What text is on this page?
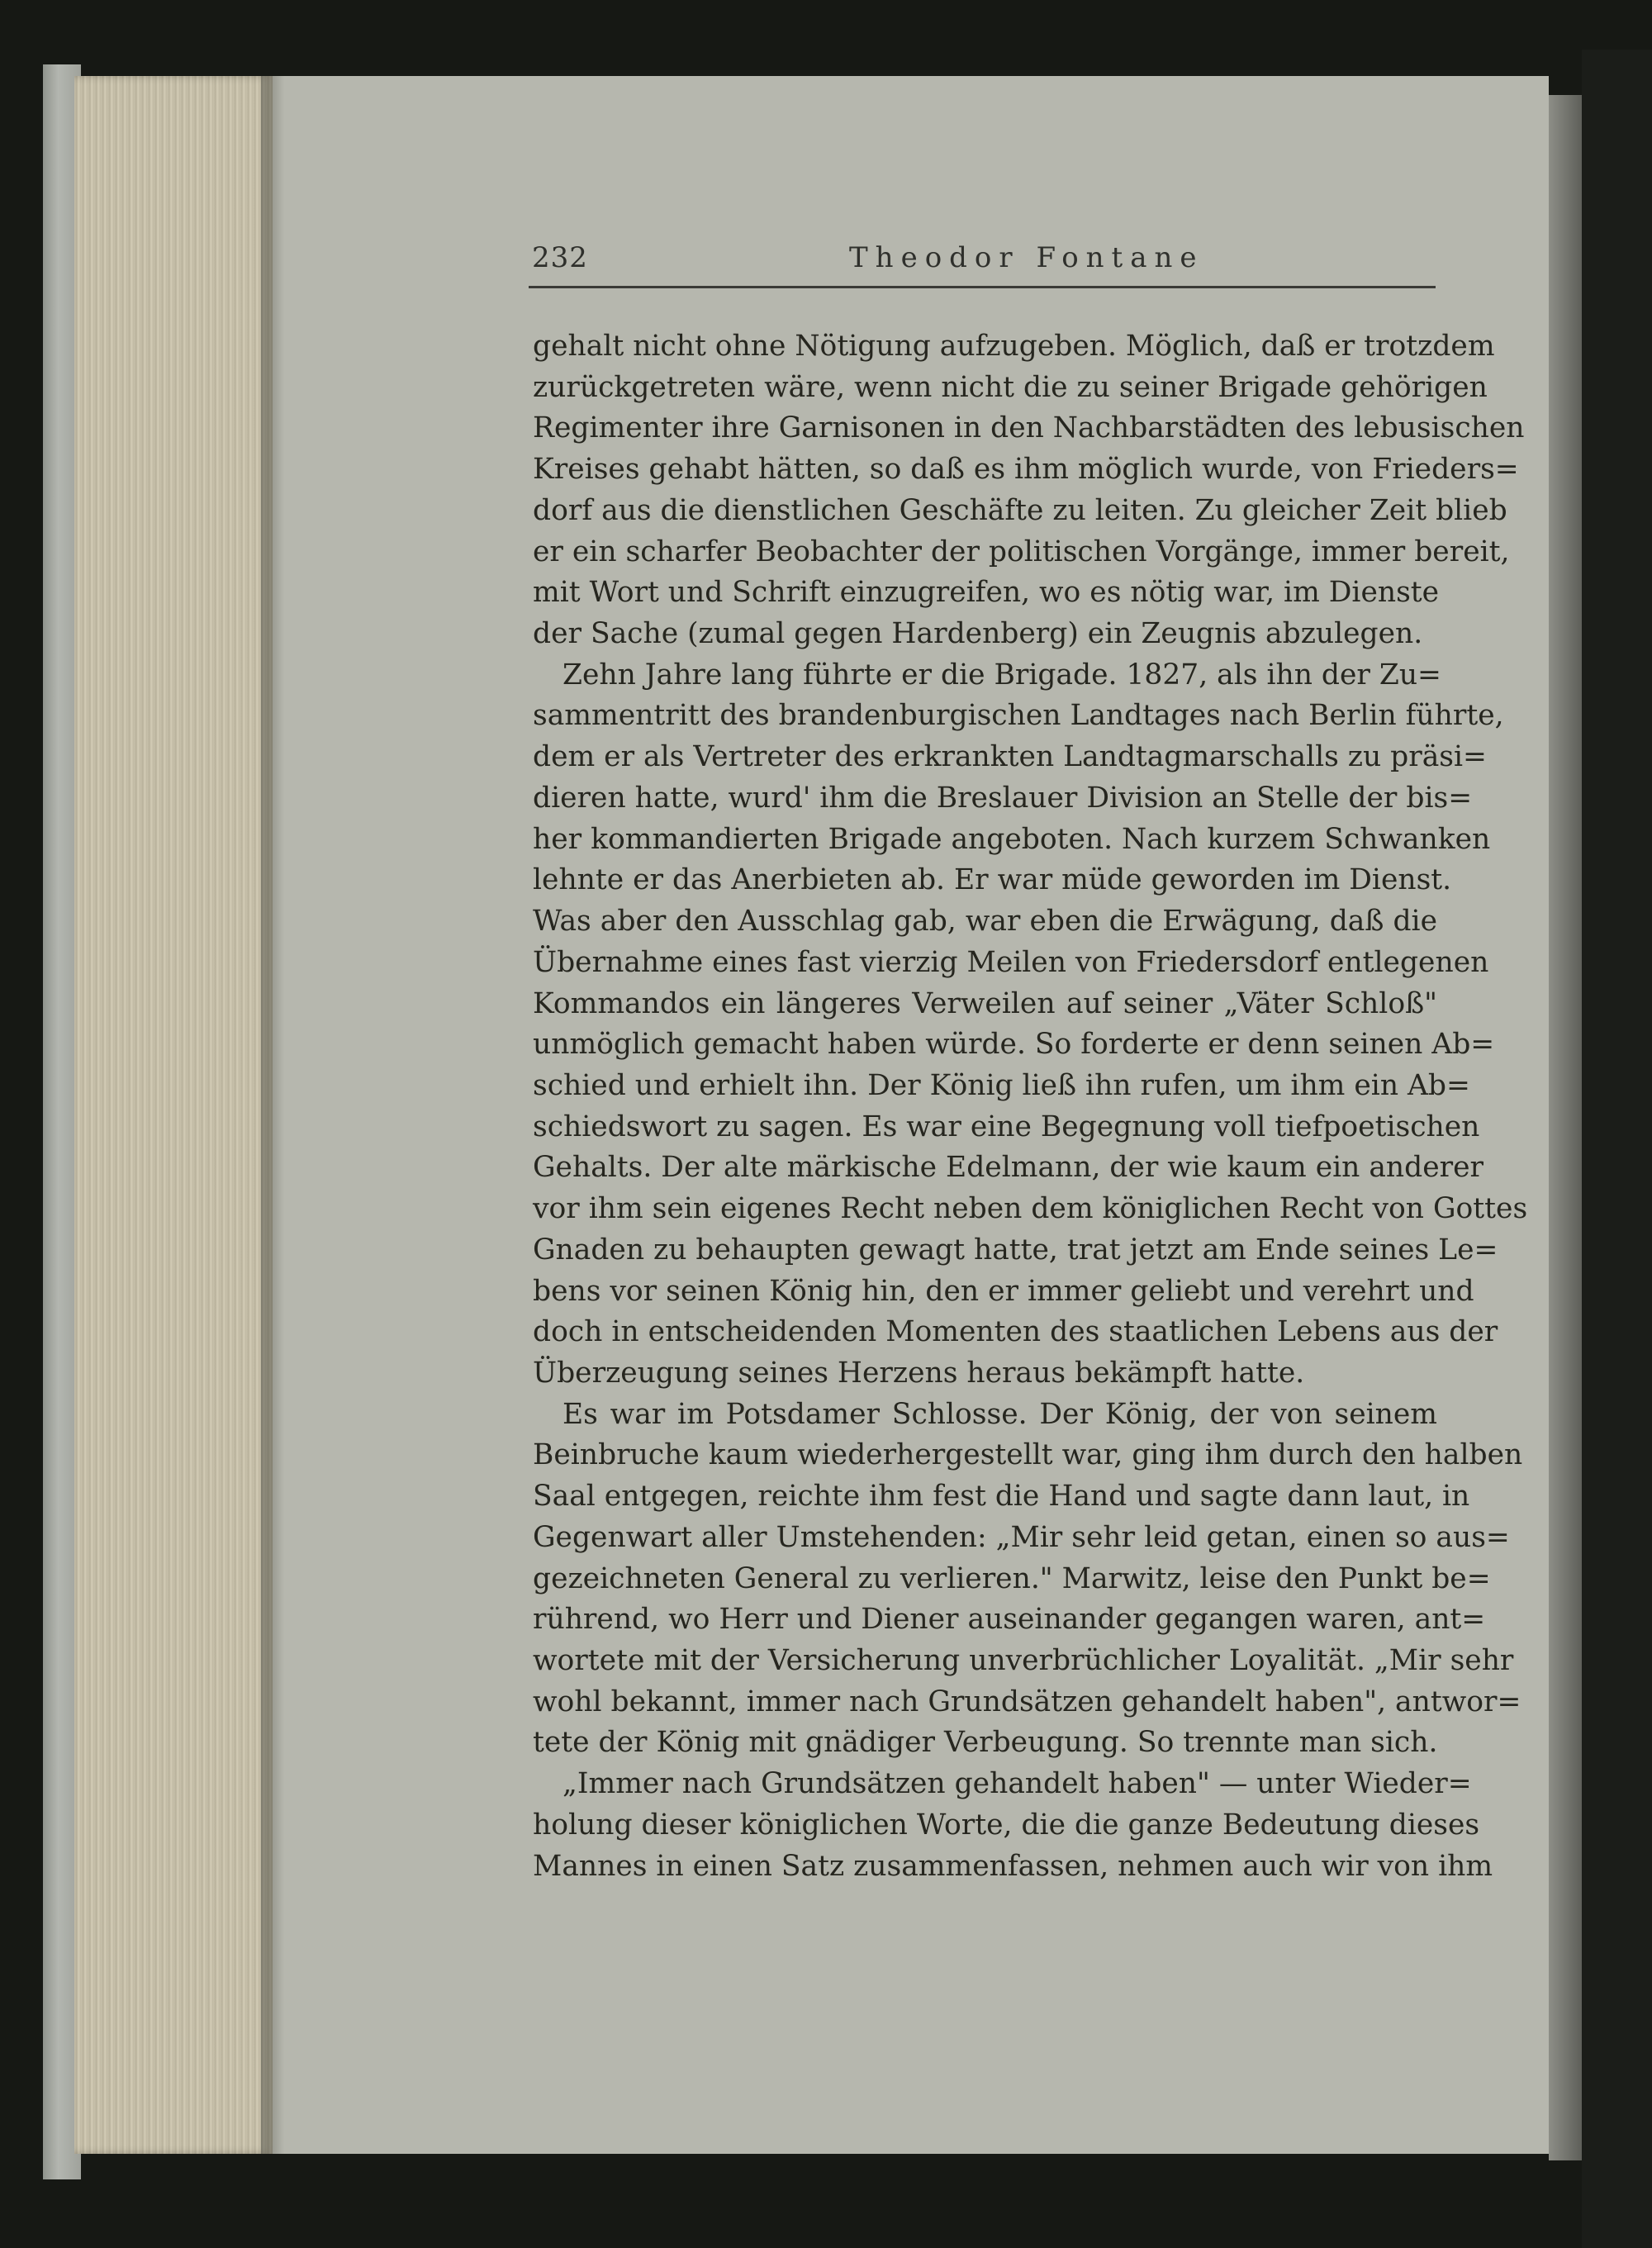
232	Theodor Fontane
gehalt nicht ohne Nötigung aufzugeben. Möglich, daß er trotzdem
zurückgetreten wäre, wenn nicht die zu seiner Brigade gehörigen
Regimenter ihre Garnisonen in den Nachbarstädten des lebusischen
Kreises gehabt hätten, so daß es ihm möglich wurde, von Frieders=
dorf aus die dienstlichen Geschäfte zu leiten. Zu gleicher Zeit blieb
er ein scharfer Beobachter der politischen Vorgänge, immer bereit,
mit Wort und Schrift einzugreifen, wo es nötig war, im Dienste
der Sache (zumal gegen Hardenberg) ein Zeugnis abzulegen.
Zehn Jahre lang führte er die Brigade. 1827, als ihn der Zu=
sammentritt des brandenburgischen Landtages nach Berlin führte,
dem er als Vertreter des erkrankten Landtagmarschalls zu präsi=
dieren hatte, wurd' ihm die Breslauer Division an Stelle der bis=
her kommandierten Brigade angeboten. Nach kurzem Schwanken
lehnte er das Anerbieten ab. Er war müde geworden im Dienst.
Was aber den Ausschlag gab, war eben die Erwägung, daß die
Übernahme eines fast vierzig Meilen von Friedersdorf entlegenen
Kommandos ein längeres Verweilen auf seiner „Väter Schloß"
unmöglich gemacht haben würde. So forderte er denn seinen Ab=
schied und erhielt ihn. Der König ließ ihn rufen, um ihm ein Ab=
schiedswort zu sagen. Es war eine Begegnung voll tiefpoetischen
Gehalts. Der alte märkische Edelmann, der wie kaum ein anderer
vor ihm sein eigenes Recht neben dem königlichen Recht von Gottes
Gnaden zu behaupten gewagt hatte, trat jetzt am Ende seines Le=
bens vor seinen König hin, den er immer geliebt und verehrt und
doch in entscheidenden Momenten des staatlichen Lebens aus der
Überzeugung seines Herzens heraus bekämpft hatte.
Es war im Potsdamer Schlosse. Der König, der von seinem
Beinbruche kaum wiederhergestellt war, ging ihm durch den halben
Saal entgegen, reichte ihm fest die Hand und sagte dann laut, in
Gegenwart aller Umstehenden: „Mir sehr leid getan, einen so aus=
gezeichneten General zu verlieren." Marwitz, leise den Punkt be=
rührend, wo Herr und Diener auseinander gegangen waren, ant=
wortete mit der Versicherung unverbrüchlicher Loyalität. „Mir sehr
wohl bekannt, immer nach Grundsätzen gehandelt haben", antwor=
tete der König mit gnädiger Verbeugung. So trennte man sich.
„Immer nach Grundsätzen gehandelt haben" — unter Wieder=
holung dieser königlichen Worte, die die ganze Bedeutung dieses
Mannes in einen Satz zusammenfassen, nehmen auch wir von ihm
